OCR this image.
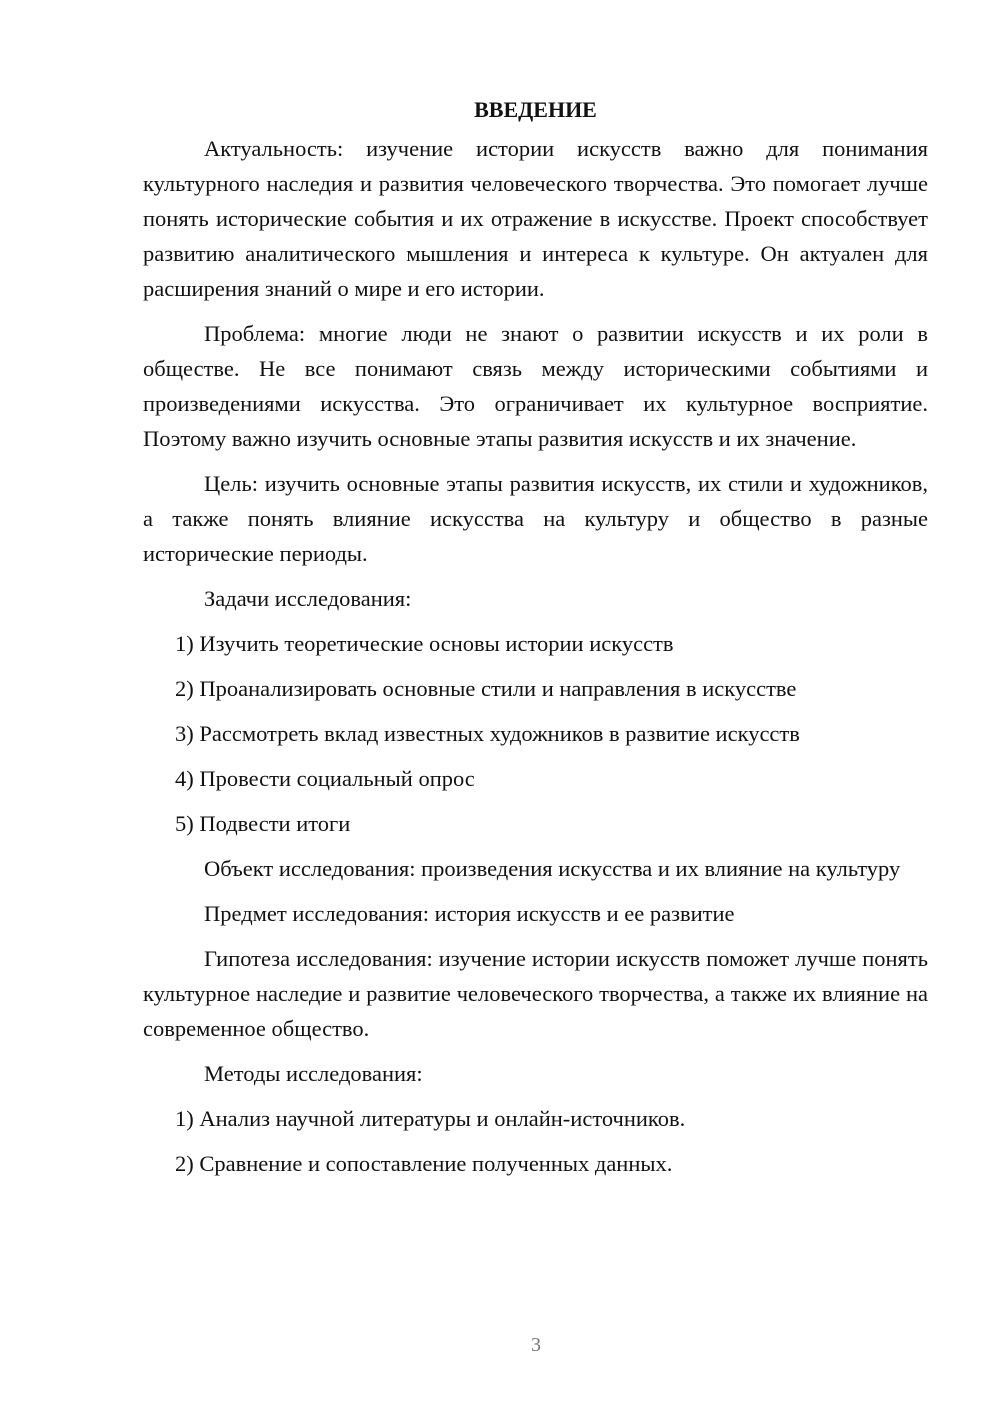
ВВЕДЕНИЕ

Актуальность: изучение истории искусств важно для понимания культурного наследия и развития человеческого творчества. Это помогает лучше понять исторические события и их отражение в искусстве. Проект способствует развитию аналитического мышления и интереса к культуре. Он актуален для расширения знаний о мире и его истории.

Проблема: многие люди не знают о развитии искусств и их роли в обществе. Не все понимают связь между историческими событиями и произведениями искусства. Это ограничивает их культурное восприятие. Поэтому важно изучить основные этапы развития искусств и их значение.

Цель: изучить основные этапы развития искусств, их стили и художников, а также понять влияние искусства на культуру и общество в разные исторические периоды.

Задачи исследования:

1) Изучить теоретические основы истории искусств
2) Проанализировать основные стили и направления в искусстве
3) Рассмотреть вклад известных художников в развитие искусств
4) Провести социальный опрос
5) Подвести итоги

Объект исследования: произведения искусства и их влияние на культуру

Предмет исследования: история искусств и ее развитие

Гипотеза исследования: изучение истории искусств поможет лучше понять культурное наследие и развитие человеческого творчества, а также их влияние на современное общество.

Методы исследования:

1) Анализ научной литературы и онлайн-источников.
2) Сравнение и сопоставление полученных данных.
3
